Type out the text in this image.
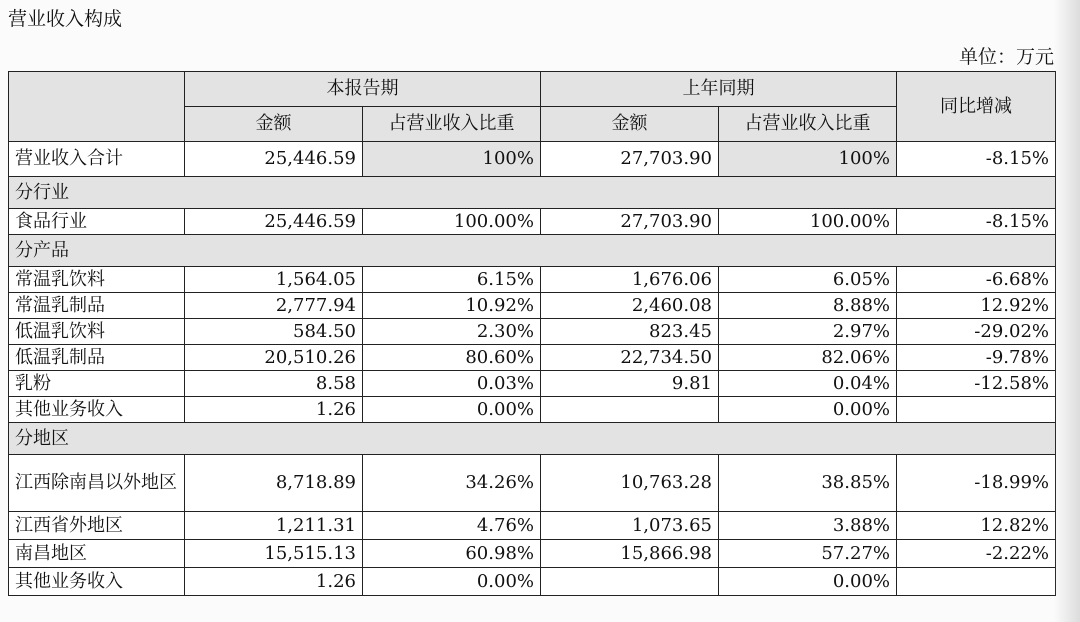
营业收入构成
单位：万元
	本报告期		上年同期		同比增减
	金额	占营业收入比重	金额	占营业收入比重	
营业收入合计	25,446.59	100%	27,703.90	100%	-8.15%
分行业					
食品行业	25,446.59	100.00%	27,703.90	100.00%	-8.15%
分产品					
常温乳饮料	1,564.05	6.15%	1,676.06	6.05%	-6.68%
常温乳制品	2,777.94	10.92%	2,460.08	8.88%	12.92%
低温乳饮料	584.50	2.30%	823.45	2.97%	-29.02%
低温乳制品	20,510.26	80.60%	22,734.50	82.06%	-9.78%
乳粉	8.58	0.03%	9.81	0.04%	-12.58%
其他业务收入	1.26	0.00%		0.00%	
分地区					
江西除南昌以外地区	8,718.89	34.26%	10,763.28	38.85%	-18.99%
江西省外地区	1,211.31	4.76%	1,073.65	3.88%	12.82%
南昌地区	15,515.13	60.98%	15,866.98	57.27%	-2.22%
其他业务收入	1.26	0.00%		0.00%	
